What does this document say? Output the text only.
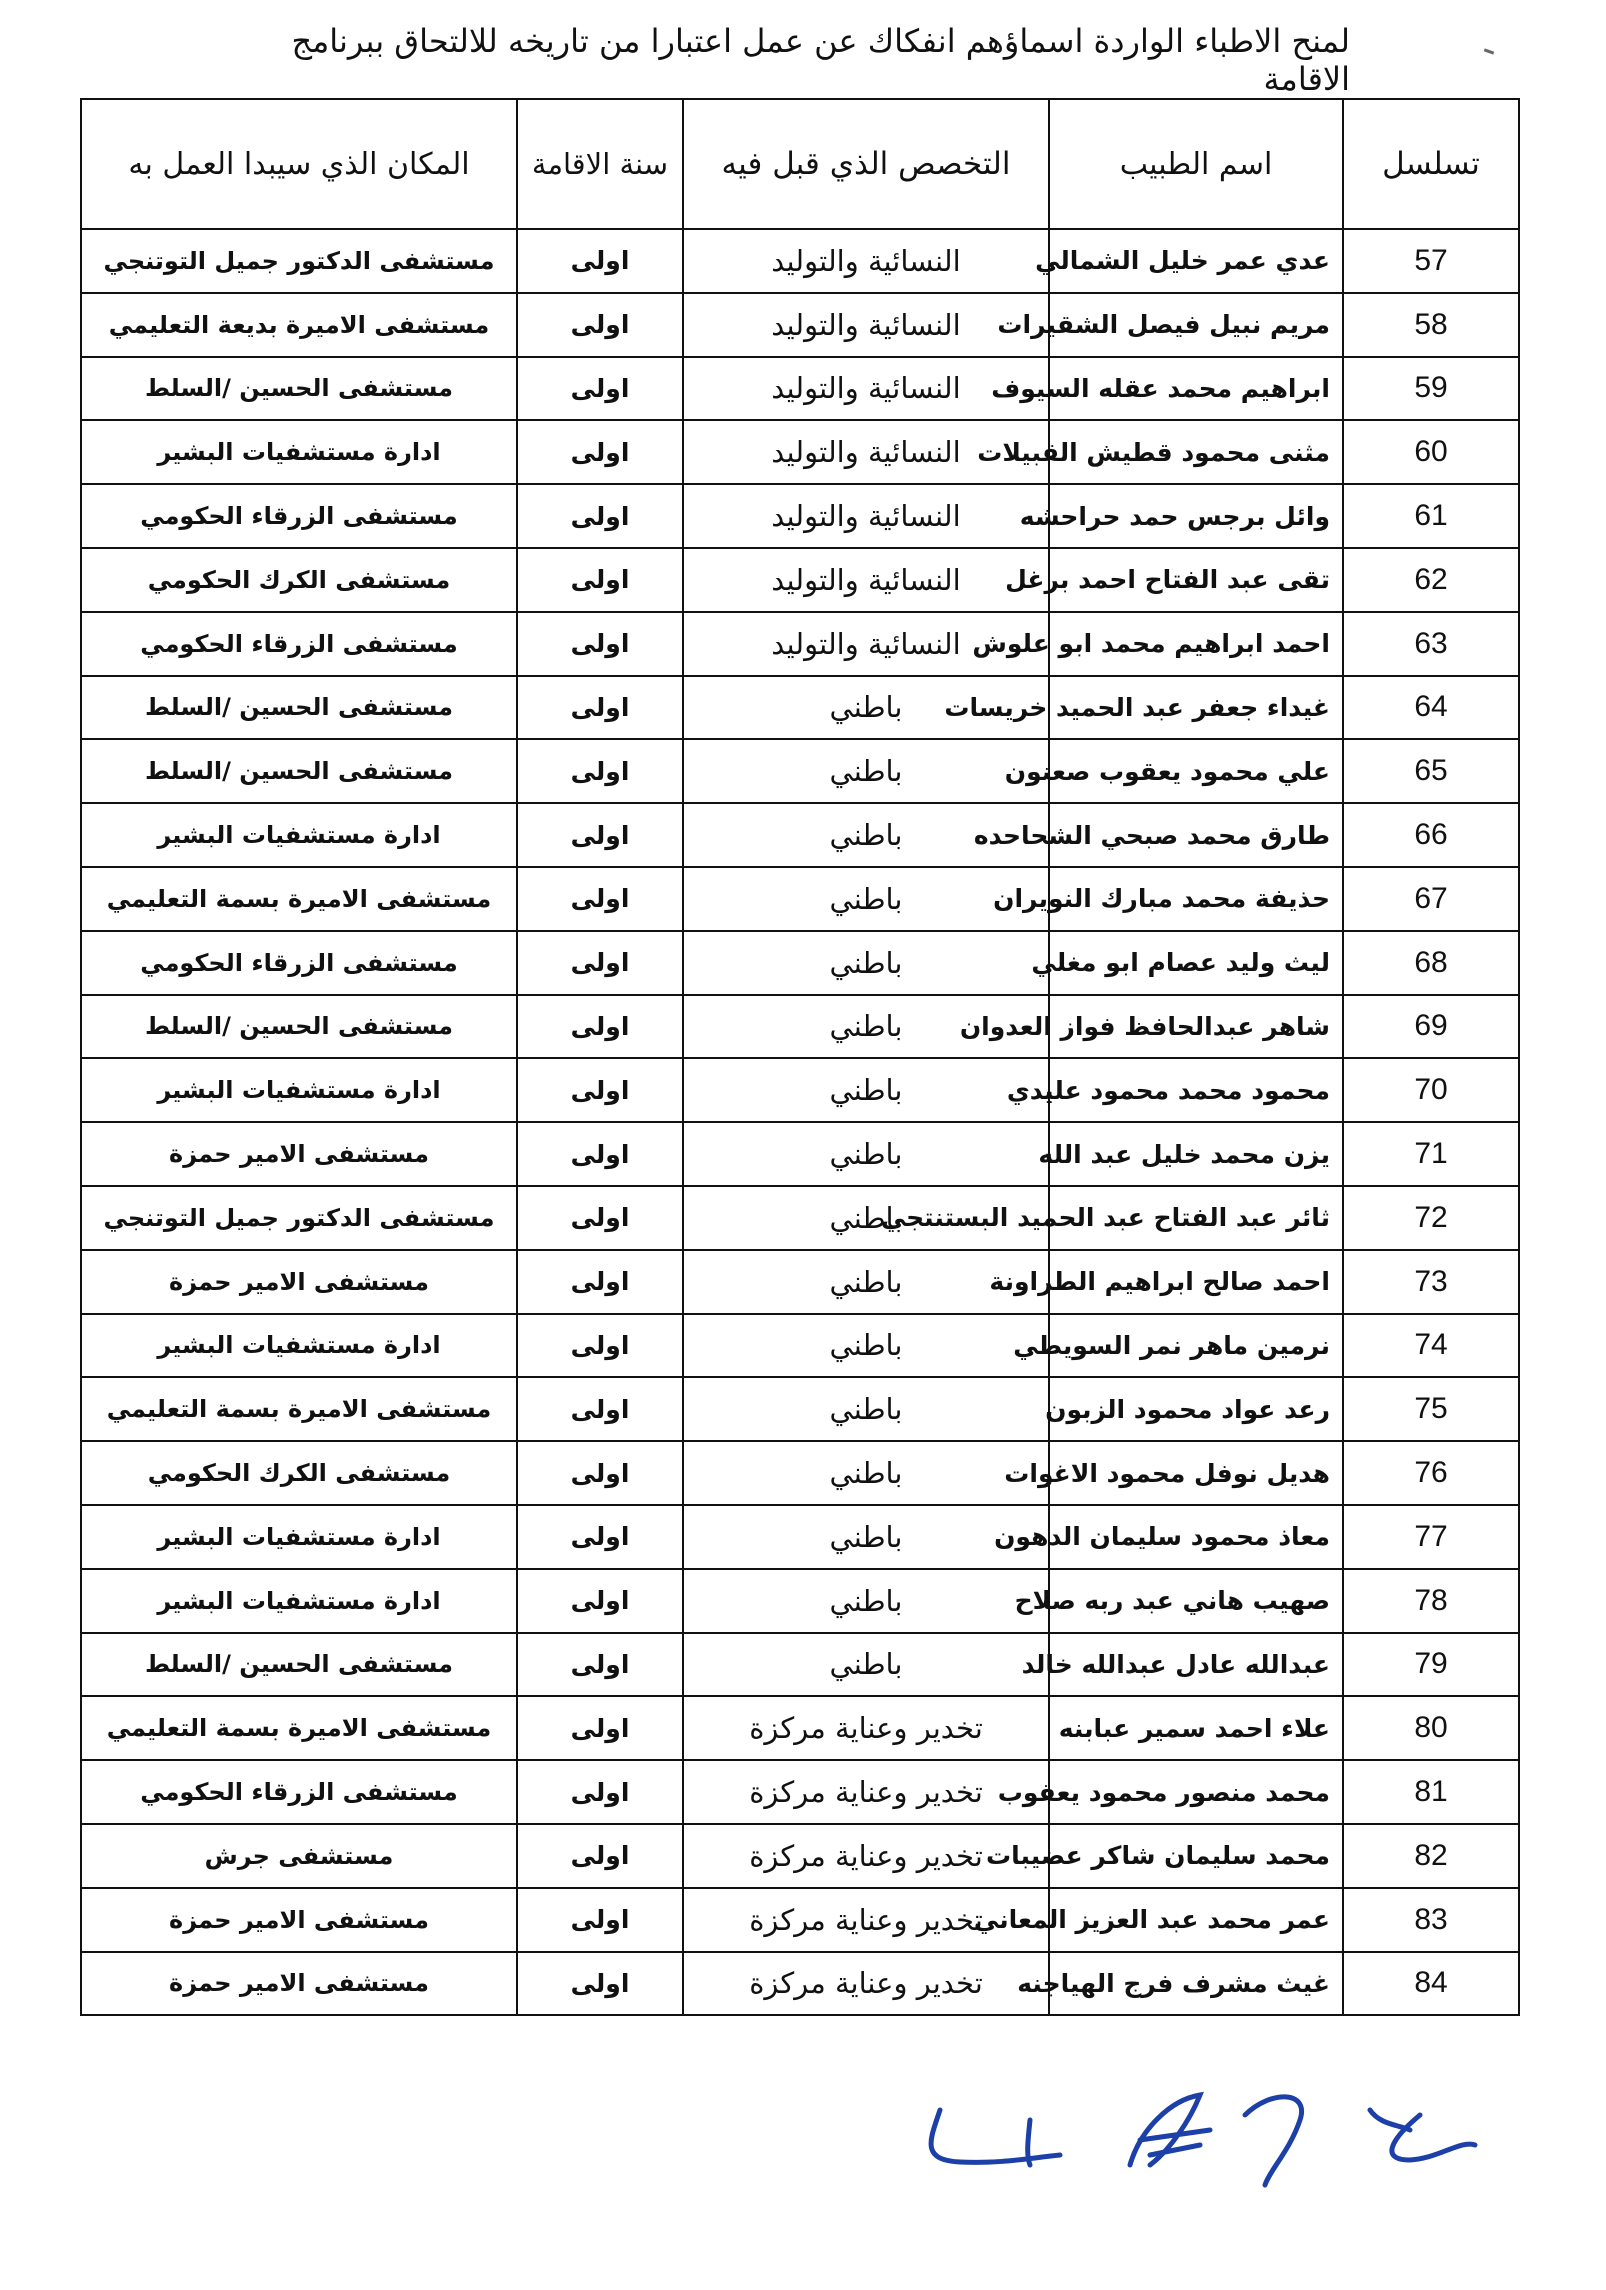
لمنح الاطباء الواردة اسماؤهم انفكاك عن عمل اعتبارا من تاريخه للالتحاق ببرنامج الاقامة
تسلسل	اسم الطبيب	التخصص الذي قبل فيه	سنة الاقامة	المكان الذي سيبدا العمل به
57	عدي عمر خليل الشمالي	النسائية والتوليد	اولى	مستشفى الدكتور جميل التوتنجي
58	مريم نبيل فيصل الشقيرات	النسائية والتوليد	اولى	مستشفى الاميرة بديعة التعليمي
59	ابراهيم محمد عقله السيوف	النسائية والتوليد	اولى	مستشفى الحسين /السلط
60	مثنى محمود قطيش القبيلات	النسائية والتوليد	اولى	ادارة مستشفيات البشير
61	وائل برجس حمد حراحشه	النسائية والتوليد	اولى	مستشفى الزرقاء الحكومي
62	تقى عبد الفتاح احمد برغل	النسائية والتوليد	اولى	مستشفى الكرك الحكومي
63	احمد ابراهيم محمد ابو علوش	النسائية والتوليد	اولى	مستشفى الزرقاء الحكومي
64	غيداء جعفر عبد الحميد خريسات	باطني	اولى	مستشفى الحسين /السلط
65	علي محمود يعقوب صعنون	باطني	اولى	مستشفى الحسين /السلط
66	طارق محمد صبحي الشحاحده	باطني	اولى	ادارة مستشفيات البشير
67	حذيفة محمد مبارك النويران	باطني	اولى	مستشفى الاميرة بسمة التعليمي
68	ليث وليد عصام ابو مغلي	باطني	اولى	مستشفى الزرقاء الحكومي
69	شاهر عبدالحافظ فواز العدوان	باطني	اولى	مستشفى الحسين /السلط
70	محمود محمد محمود عليدي	باطني	اولى	ادارة مستشفيات البشير
71	يزن محمد خليل عبد الله	باطني	اولى	مستشفى الامير حمزة
72	ثائر عبد الفتاح عبد الحميد البستنتجي	باطني	اولى	مستشفى الدكتور جميل التوتنجي
73	احمد صالح ابراهيم الطراونة	باطني	اولى	مستشفى الامير حمزة
74	نرمين ماهر نمر السويطي	باطني	اولى	ادارة مستشفيات البشير
75	رعد عواد محمود الزبون	باطني	اولى	مستشفى الاميرة بسمة التعليمي
76	هديل نوفل محمود الاغوات	باطني	اولى	مستشفى الكرك الحكومي
77	معاذ محمود سليمان الدهون	باطني	اولى	ادارة مستشفيات البشير
78	صهيب هاني عبد ربه صلاح	باطني	اولى	ادارة مستشفيات البشير
79	عبدالله عادل عبدالله خالد	باطني	اولى	مستشفى الحسين /السلط
80	علاء احمد سمير عبابنه	تخدير وعناية مركزة	اولى	مستشفى الاميرة بسمة التعليمي
81	محمد منصور محمود يعقوب	تخدير وعناية مركزة	اولى	مستشفى الزرقاء الحكومي
82	محمد سليمان شاكر عضيبات	تخدير وعناية مركزة	اولى	مستشفى جرش
83	عمر محمد عبد العزيز المعاني	تخدير وعناية مركزة	اولى	مستشفى الامير حمزة
84	غيث مشرف فرج الهياجنه	تخدير وعناية مركزة	اولى	مستشفى الامير حمزة
